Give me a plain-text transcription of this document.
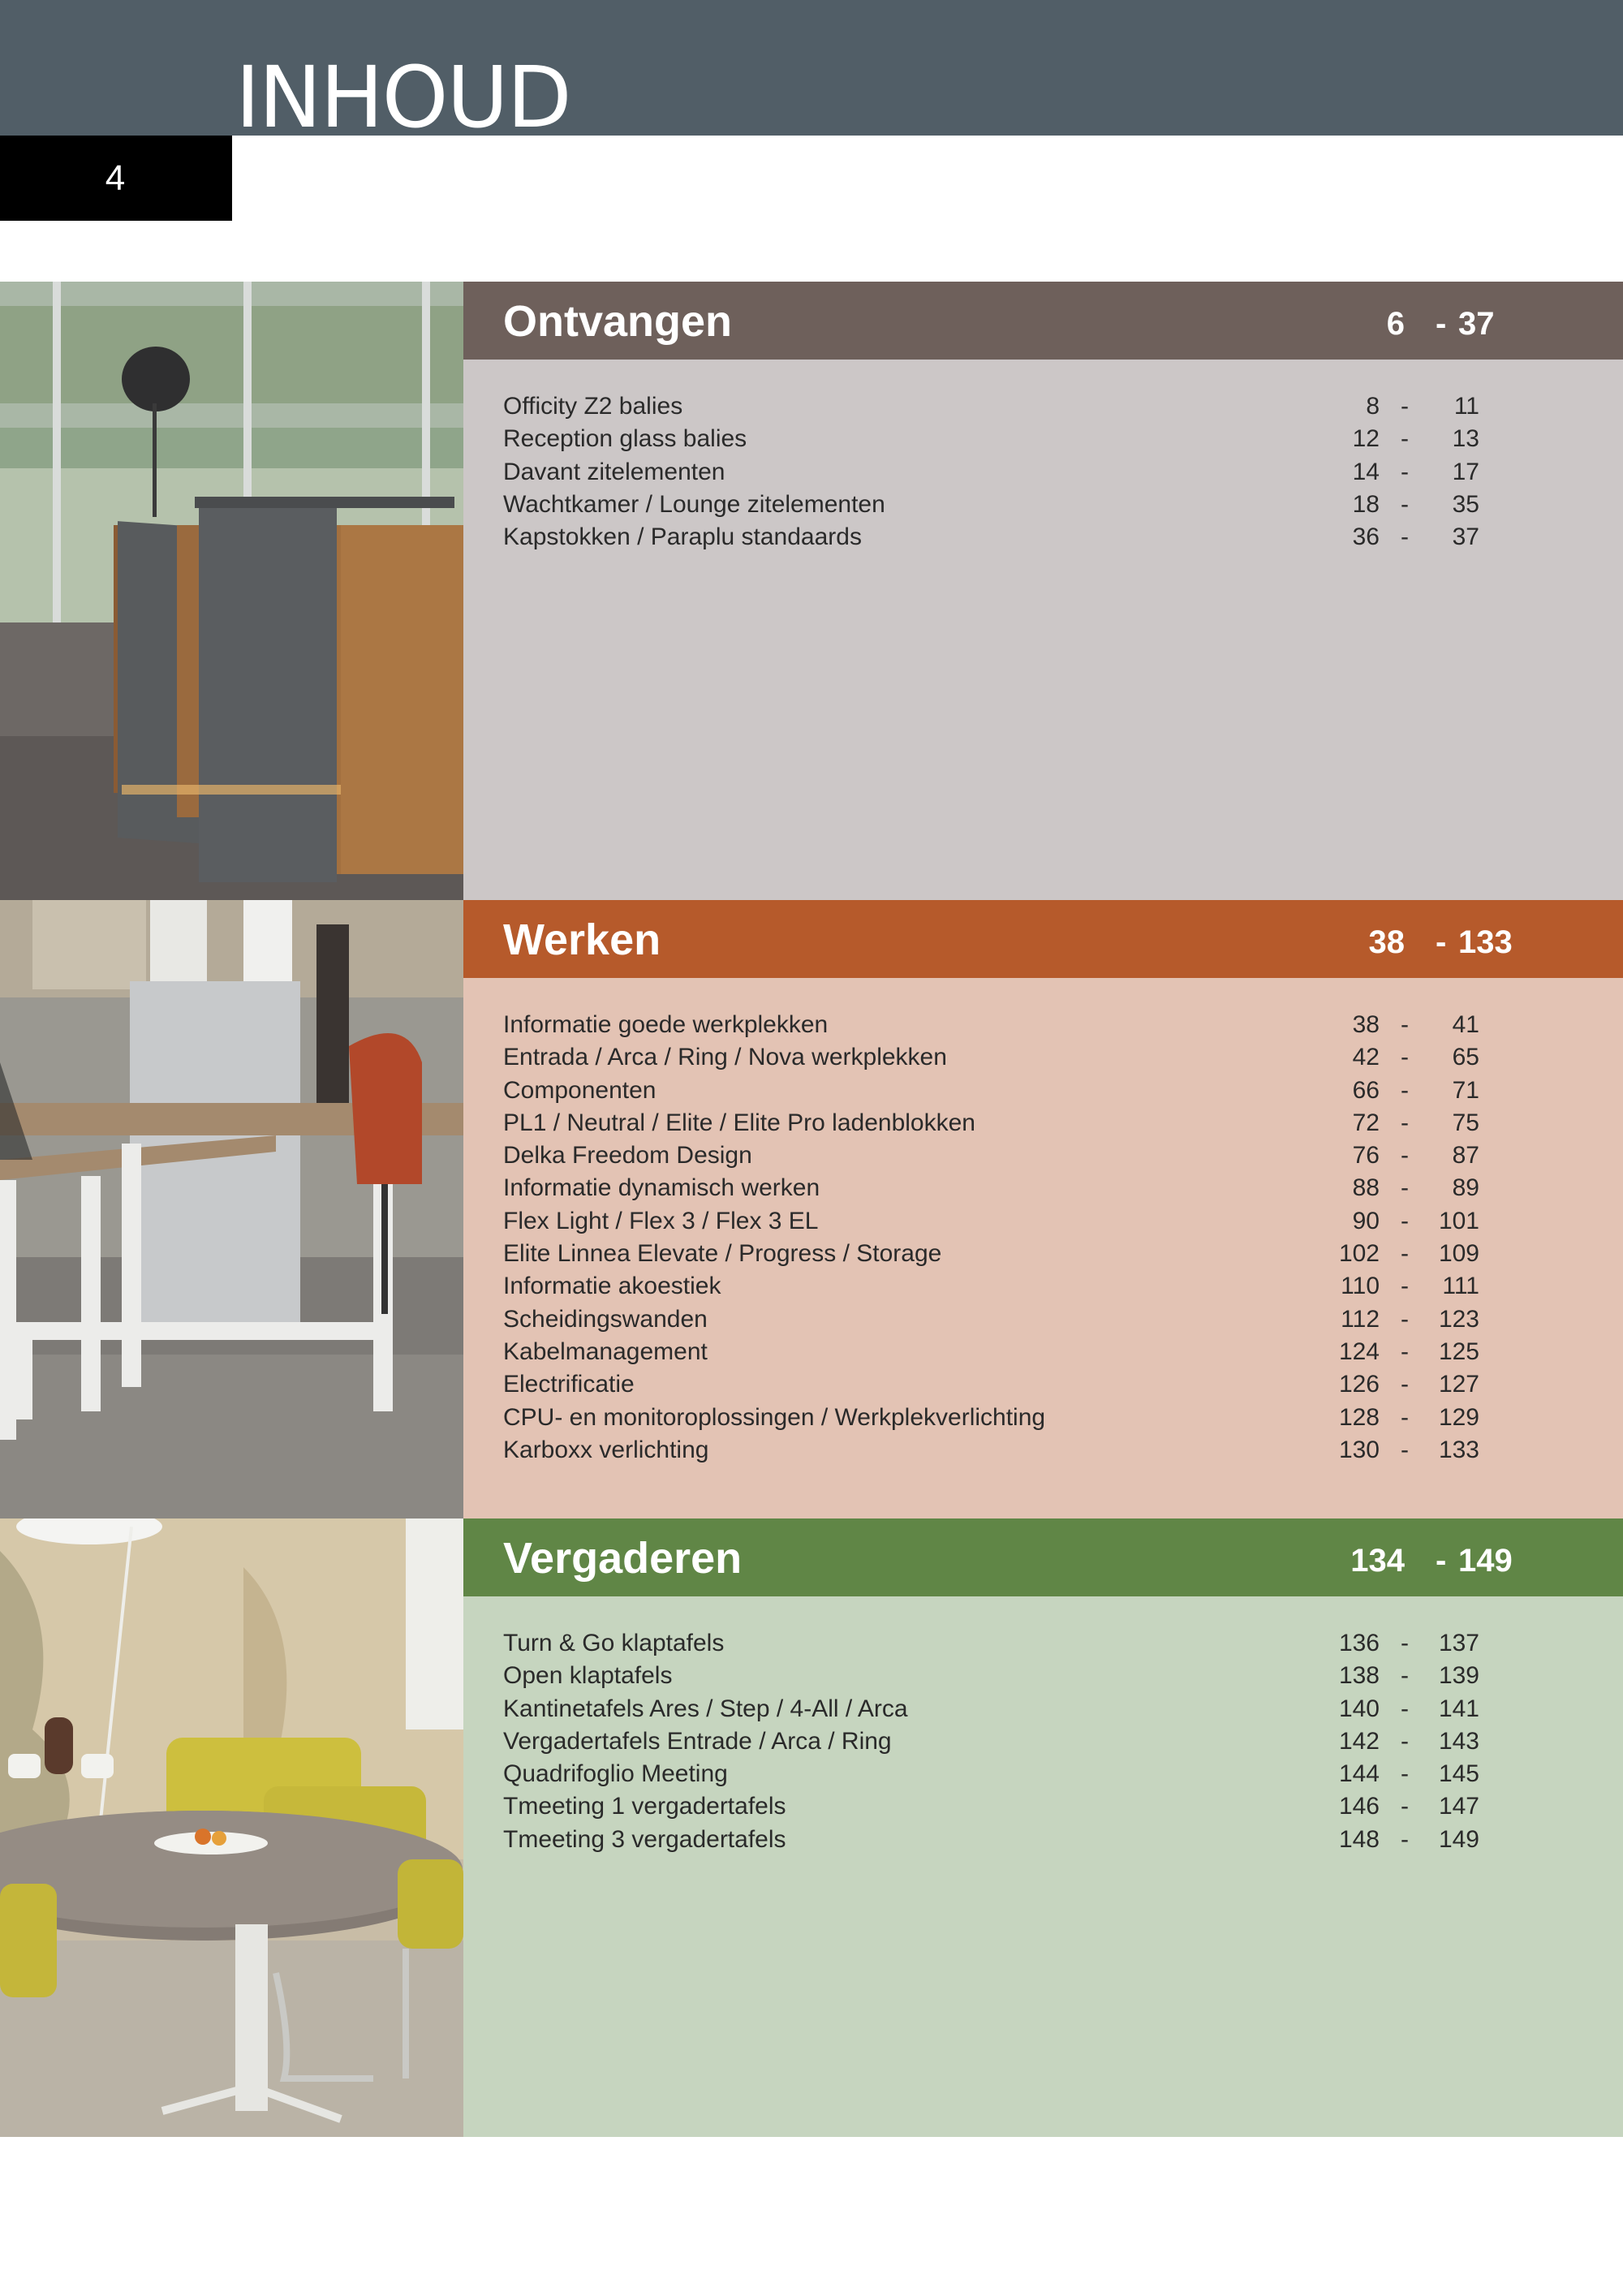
INHOUD
4
Ontvangen	6 - 37
Officity Z2 balies	8 -	11
Reception glass balies	12 -	13
Davant zitelementen	14 -	17
Wachtkamer / Lounge zitelementen	18 -	35
Kapstokken / Paraplu standaards	36 -	37
Werken	38 - 133
Informatie goede werkplekken	38 -	41
Entrada / Arca / Ring / Nova werkplekken	42 -	65
Componenten	66 -	71
PL1 / Neutral / Elite / Elite Pro ladenblokken	72 -	75
Delka Freedom Design	76 -	87
Informatie dynamisch werken	88 -	89
Flex Light / Flex 3 / Flex 3 EL	90 -	101
Elite Linnea Elevate / Progress / Storage	102 -	109
Informatie akoestiek	110 -	111
Scheidingswanden	112 -	123
Kabelmanagement	124 -	125
Electrificatie	126 -	127
CPU- en monitoroplossingen / Werkplekverlichting	128 -	129
Karboxx verlichting	130 -	133
Vergaderen	134 - 149
Turn & Go klaptafels	136 -	137
Open klaptafels	138 -	139
Kantinetafels Ares / Step / 4-All / Arca	140 -	141
Vergadertafels Entrade / Arca / Ring	142 -	143
Quadrifoglio Meeting	144 -	145
Tmeeting 1 vergadertafels	146 -	147
Tmeeting 3 vergadertafels	148 -	149
